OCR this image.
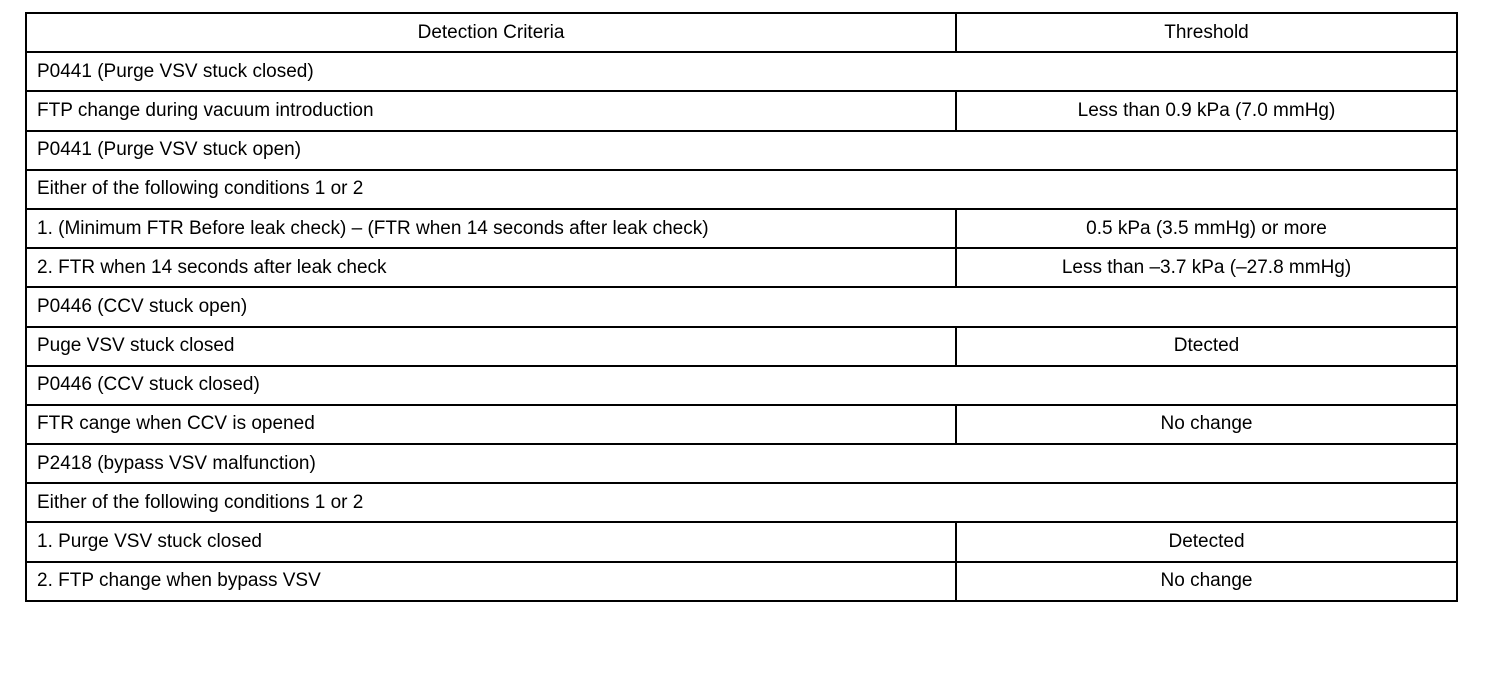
Detection Criteria	Threshold
P0441 (Purge VSV stuck closed)	
FTP change during vacuum introduction	Less than 0.9 kPa (7.0 mmHg)
P0441 (Purge VSV stuck open)	
Either of the following conditions 1 or 2	
1. (Minimum FTR Before leak check) – (FTR when 14 seconds after leak check)	0.5 kPa (3.5 mmHg) or more
2. FTR when 14 seconds after leak check	Less than –3.7 kPa (–27.8 mmHg)
P0446 (CCV stuck open)	
Puge VSV stuck closed	Dtected
P0446 (CCV stuck closed)	
FTR cange when CCV is opened	No change
P2418 (bypass VSV malfunction)	
Either of the following conditions 1 or 2	
1. Purge VSV stuck closed	Detected
2. FTP change when bypass VSV	No change
